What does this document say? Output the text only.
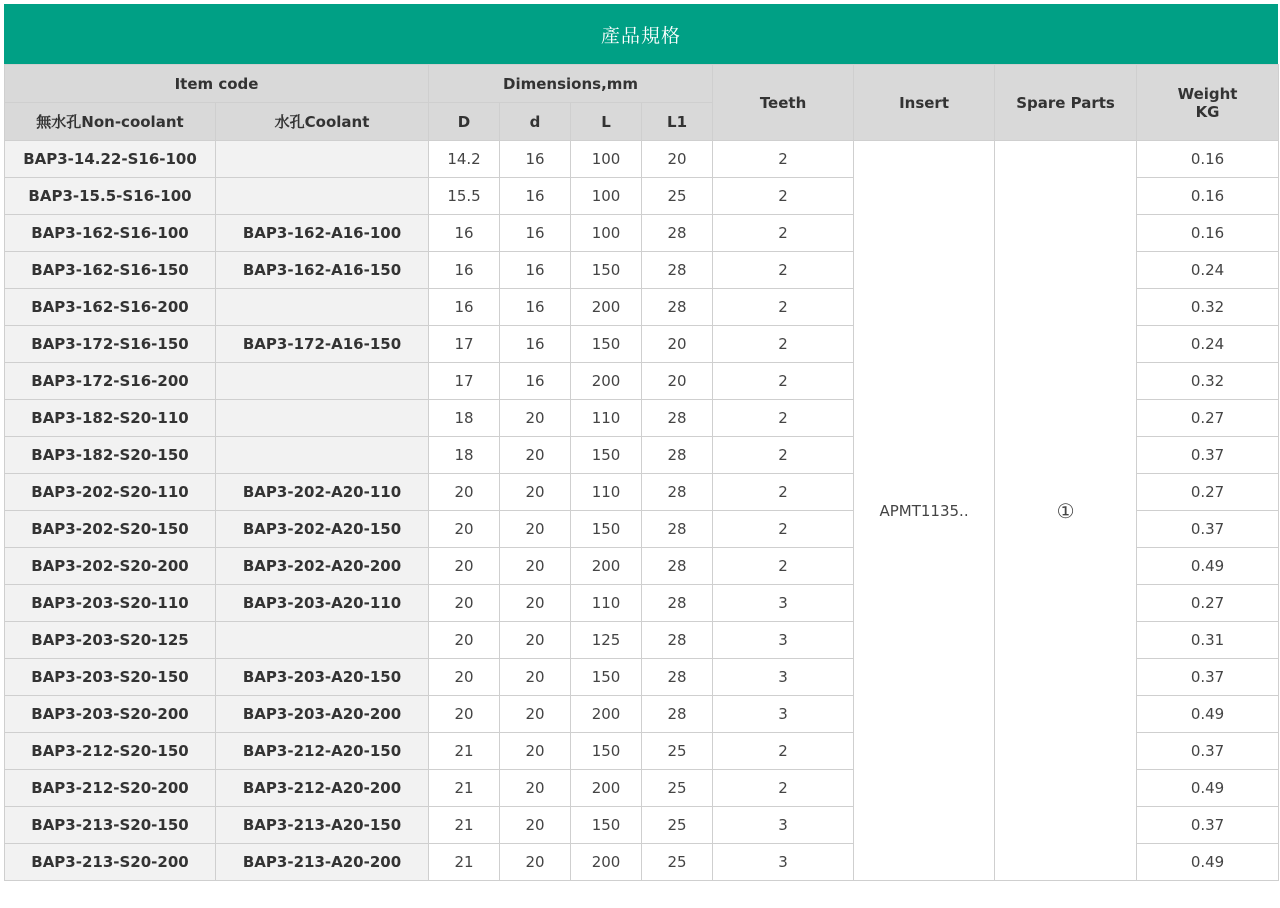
產品規格
Item code		Dimensions,mm				Teeth	Insert	Spare Parts	Weight
KG

無水孔Non-coolant	水孔Coolant	D	d	L	L1				
BAP3-14.22-S16-100		14.2	16	100	20	2	APMT1135..	①	0.16
BAP3-15.5-S16-100		15.5	16	100	25	2			0.16
BAP3-162-S16-100	BAP3-162-A16-100	16	16	100	28	2			0.16
BAP3-162-S16-150	BAP3-162-A16-150	16	16	150	28	2			0.24
BAP3-162-S16-200		16	16	200	28	2			0.32
BAP3-172-S16-150	BAP3-172-A16-150	17	16	150	20	2			0.24
BAP3-172-S16-200		17	16	200	20	2			0.32
BAP3-182-S20-110		18	20	110	28	2			0.27
BAP3-182-S20-150		18	20	150	28	2			0.37
BAP3-202-S20-110	BAP3-202-A20-110	20	20	110	28	2			0.27
BAP3-202-S20-150	BAP3-202-A20-150	20	20	150	28	2			0.37
BAP3-202-S20-200	BAP3-202-A20-200	20	20	200	28	2			0.49
BAP3-203-S20-110	BAP3-203-A20-110	20	20	110	28	3			0.27
BAP3-203-S20-125		20	20	125	28	3			0.31
BAP3-203-S20-150	BAP3-203-A20-150	20	20	150	28	3			0.37
BAP3-203-S20-200	BAP3-203-A20-200	20	20	200	28	3			0.49
BAP3-212-S20-150	BAP3-212-A20-150	21	20	150	25	2			0.37
BAP3-212-S20-200	BAP3-212-A20-200	21	20	200	25	2			0.49
BAP3-213-S20-150	BAP3-213-A20-150	21	20	150	25	3			0.37
BAP3-213-S20-200	BAP3-213-A20-200	21	20	200	25	3			0.49
